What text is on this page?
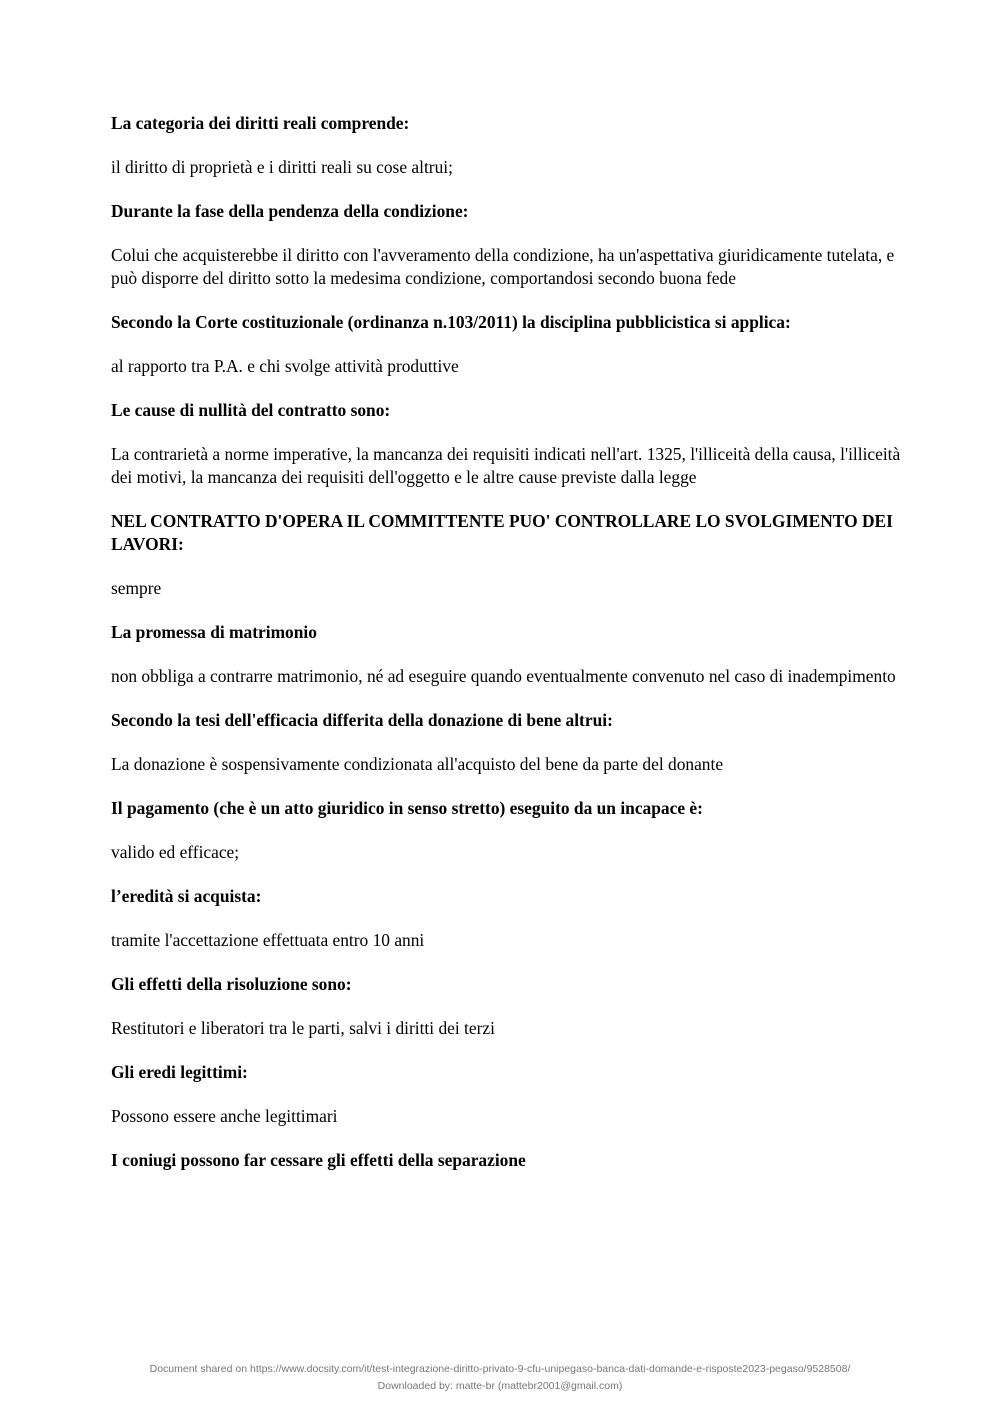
La categoria dei diritti reali comprende:

il diritto di proprietà e i diritti reali su cose altrui;

Durante la fase della pendenza della condizione:

Colui che acquisterebbe il diritto con l'avveramento della condizione, ha un'aspettativa giuridicamente tutelata, e può disporre del diritto sotto la medesima condizione, comportandosi secondo buona fede

Secondo la Corte costituzionale (ordinanza n.103/2011) la disciplina pubblicistica si applica:

al rapporto tra P.A. e chi svolge attività produttive

Le cause di nullità del contratto sono:

La contrarietà a norme imperative, la mancanza dei requisiti indicati nell'art. 1325, l'illiceità della causa, l'illiceità dei motivi, la mancanza dei requisiti dell'oggetto e le altre cause previste dalla legge

NEL CONTRATTO D'OPERA IL COMMITTENTE PUO' CONTROLLARE LO SVOLGIMENTO DEI LAVORI:

sempre

La promessa di matrimonio

non obbliga a contrarre matrimonio, né ad eseguire quando eventualmente convenuto nel caso di inadempimento

Secondo la tesi dell'efficacia differita della donazione di bene altrui:

La donazione è sospensivamente condizionata all'acquisto del bene da parte del donante

Il pagamento (che è un atto giuridico in senso stretto) eseguito da un incapace è:

valido ed efficace;

l’eredità si acquista:

tramite l'accettazione effettuata entro 10 anni

Gli effetti della risoluzione sono:

Restitutori e liberatori tra le parti, salvi i diritti dei terzi

Gli eredi legittimi:

Possono essere anche legittimari

I coniugi possono far cessare gli effetti della separazione

Document shared on https://www.docsity.com/it/test-integrazione-diritto-privato-9-cfu-unipegaso-banca-dati-domande-e-risposte2023-pegaso/9528508/
Downloaded by: matte-br (mattebr2001@gmail.com)
